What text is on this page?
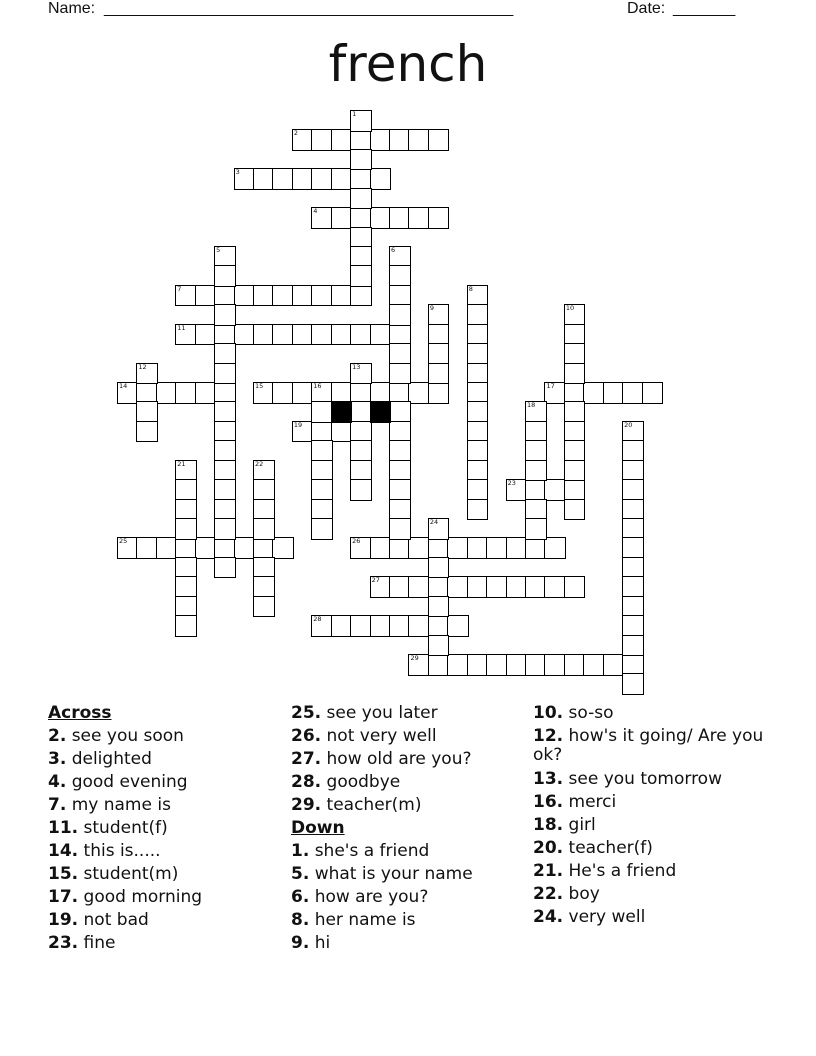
Name: ______________________________________________	Date: _______
french
2
3
4
7
11
14	15	16	17
19
23
25	26
27
28
29
1
5	6
8
9	10
12	13
18
20
21	22
24
Across
2. see you soon
3. delighted
4. good evening
7. my name is
11. student(f)
14. this is.....
15. student(m)
17. good morning
19. not bad
23. fine
25. see you later
26. not very well
27. how old are you?
28. goodbye
29. teacher(m)
Down
1. she's a friend
5. what is your name
6. how are you?
8. her name is
9. hi
10. so-so
12. how's it going/ Are you ok?
13. see you tomorrow
16. merci
18. girl
20. teacher(f)
21. He's a friend
22. boy
24. very well
